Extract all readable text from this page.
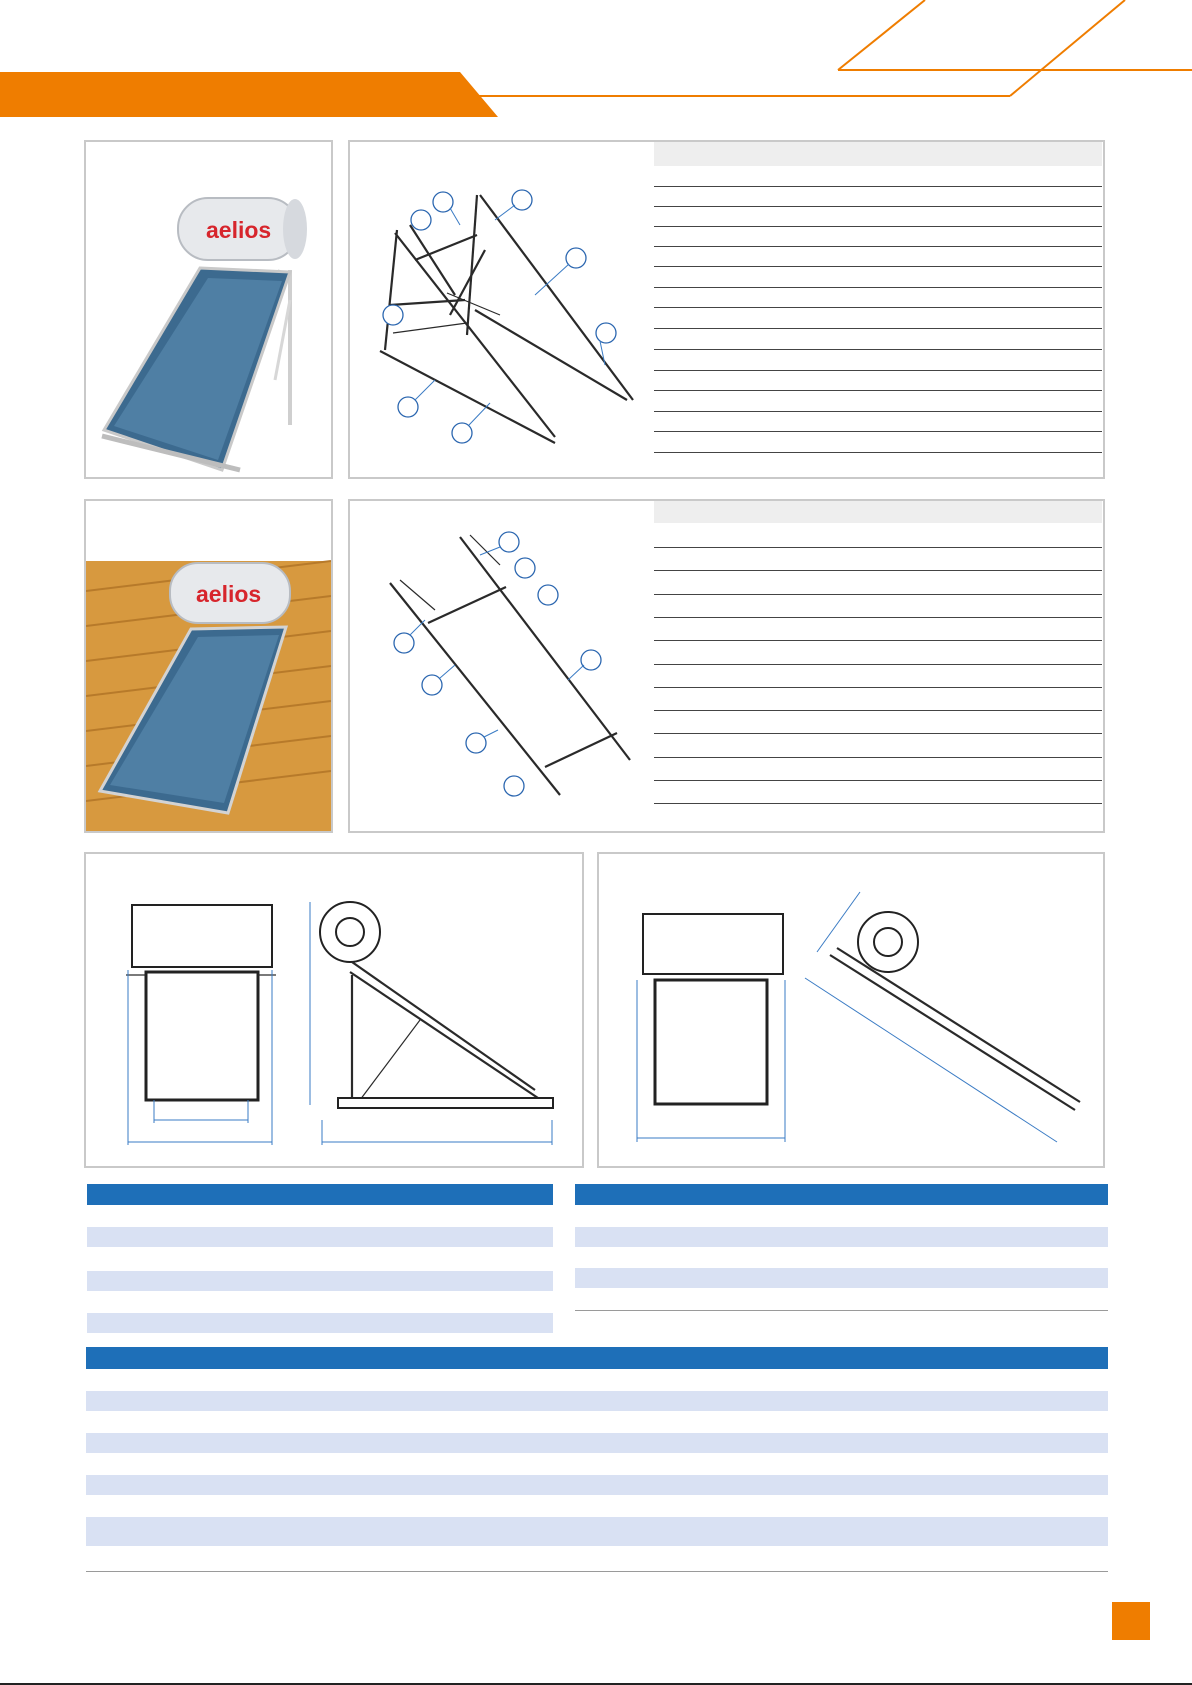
aelios
aelios
